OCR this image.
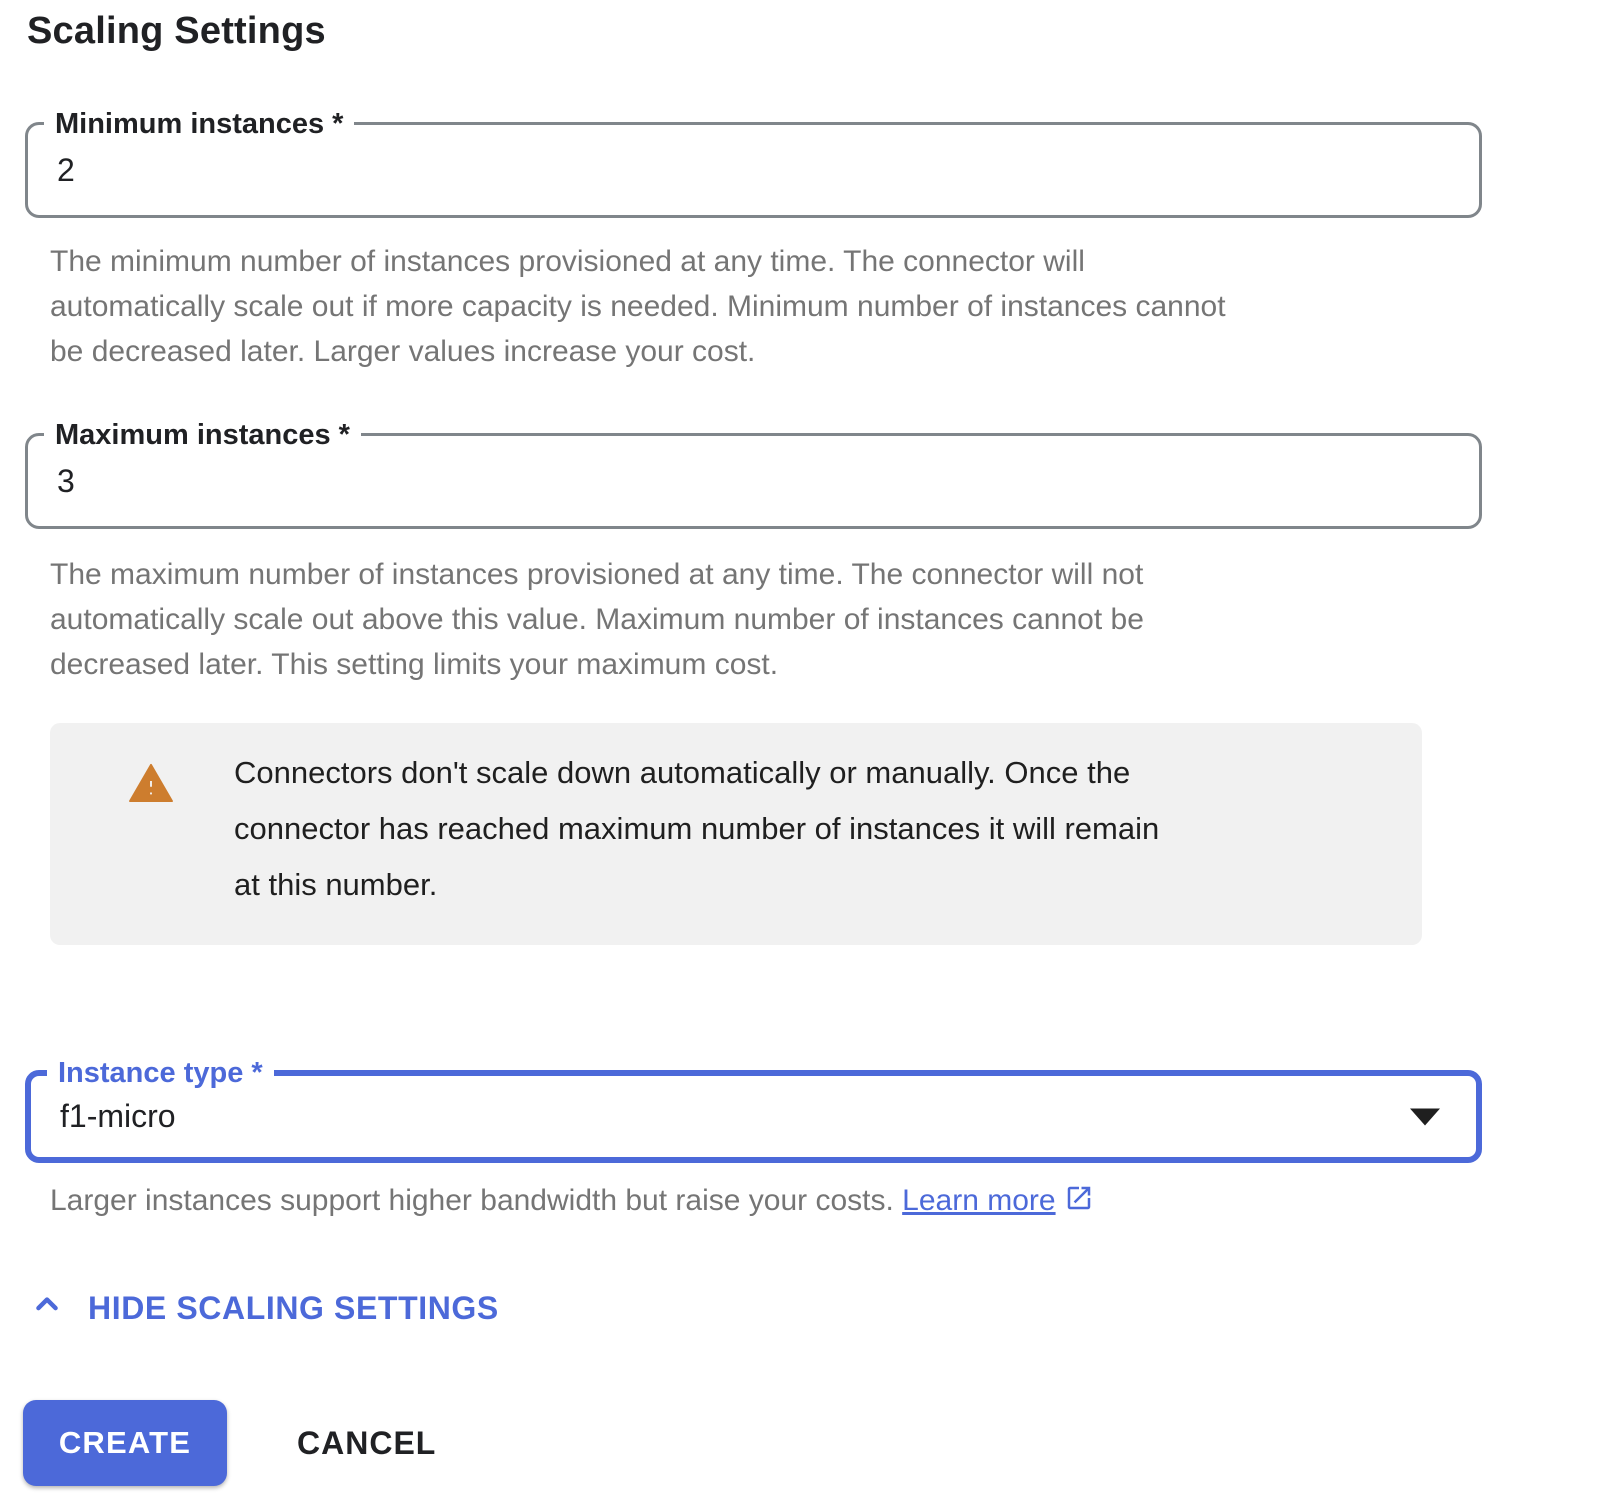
Scaling Settings
Minimum instances *
2
The minimum number of instances provisioned at any time. The connector will
automatically scale out if more capacity is needed. Minimum number of instances cannot
be decreased later. Larger values increase your cost.
Maximum instances *
3
The maximum number of instances provisioned at any time. The connector will not
automatically scale out above this value. Maximum number of instances cannot be
decreased later. This setting limits your maximum cost.
Connectors don't scale down automatically or manually. Once the
connector has reached maximum number of instances it will remain
at this number.
Instance type *
f1-micro
Larger instances support higher bandwidth but raise your costs. Learn more
HIDE SCALING SETTINGS
CREATE	CANCEL
